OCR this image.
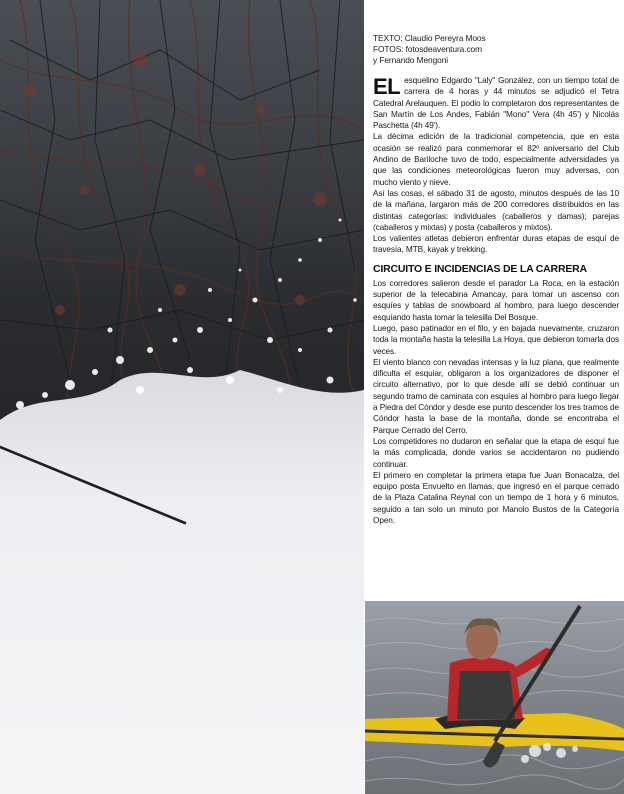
TEXTO: Claudio Pereyra Moos
FOTOS: fotosdeaventura.com
y Fernando Mengoni

EL esquelino Edgardo "Laly" González, con un tiempo total de carrera de 4 horas y 44 minutos se adjudicó el Tetra Catedral Arelauquen. El podio lo completaron dos representantes de San Martín de Los Andes, Fabián "Mono" Vera (4h 45') y Nicolás Paschetta (4h 49').

La décima edición de la tradicional competencia, que en esta ocasión se realizó para conmemorar el 82º aniversario del Club Andino de Bariloche tuvo de todo, especialmente adversidades ya que las condiciones meteorológicas fueron muy adversas, con mucho viento y nieve.

Así las cosas, el sábado 31 de agosto, minutos después de las 10 de la mañana, largaron más de 200 corredores distribuidos en las distintas categorías: individuales (caballeros y damas); parejas (caballeros y mixtas) y posta (caballeros y mixtos).

Los valientes atletas debieron enfrentar duras etapas de esquí de travesía, MTB, kayak y trekking.

CIRCUITO E INCIDENCIAS DE LA CARRERA

Los corredores salieron desde el parador La Roca, en la estación superior de la telecabina Amancay, para tomar un ascenso con esquíes y tablas de snowboard al hombro, para luego descender esquiando hasta tomar la telesilla Del Bosque.

Luego, paso patinador en el filo, y en bajada nuevamente, cruzaron toda la montaña hasta la telesilla La Hoya, que debieron tomarla dos veces.

El viento blanco con nevadas intensas y la luz plana, que realmente dificulta el esquiar, obligaron a los organizadores de disponer el circuito alternativo, por lo que desde allí se debió continuar un segundo tramo de caminata con esquíes al hombro para luego llegar a Piedra del Cóndor y desde ese punto descender los tres tramos de Cóndor hasta la base de la montaña, donde se encontraba el Parque Cerrado del Cerro.

Los competidores no dudaron en señalar que la etapa de esquí fue la más complicada, donde varios se accidentaron no pudiendo continuar.

El primero en completar la primera etapa fue Juan Bonacalza, del equipo posta Envuelto en llamas, que ingresó en el parque cerrado de la Plaza Catalina Reynal con un tiempo de 1 hora y 6 minutos, seguido a tan solo un minuto por Manolo Bustos de la Categoría Open.
